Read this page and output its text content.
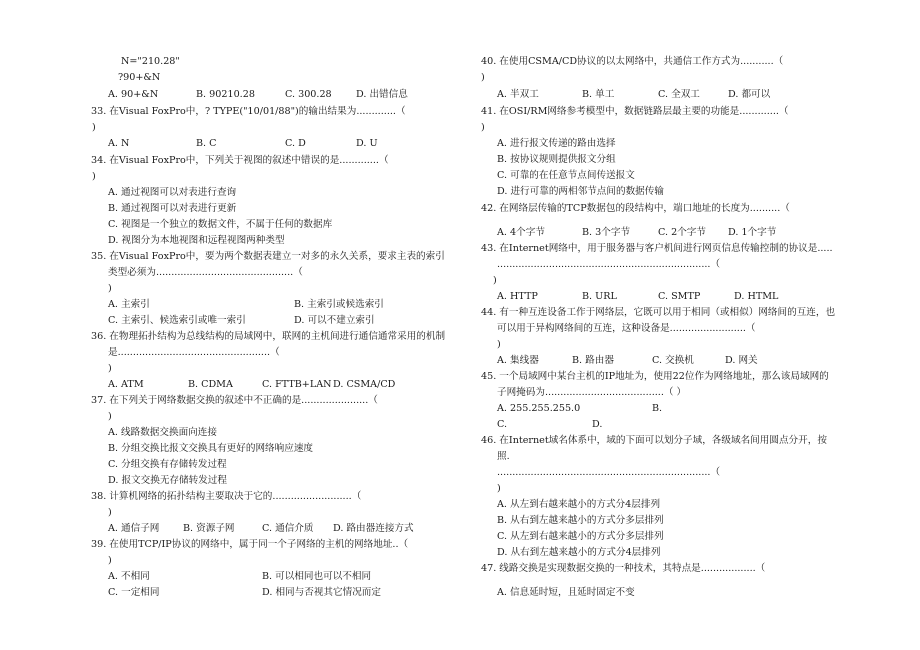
N="210.28"
?90+&N
A. 90+&N	B. 90210.28	C. 300.28	D. 出错信息
33. 在Visual FoxPro中，? TYPE("10/01/88")的输出结果为.............（
)
A. N	B. C	C. D	D. U
34. 在Visual FoxPro中，下列关于视图的叙述中错误的是.............（
)
A. 通过视图可以对表进行查询
B. 通过视图可以对表进行更新
C. 视图是一个独立的数据文件，不属于任何的数据库
D. 视图分为本地视图和远程视图两种类型
35. 在Visual FoxPro中，要为两个数据表建立一对多的永久关系，要求主表的索引
类型必须为.............................................（
)
A. 主索引	B. 主索引或候选索引
C. 主索引、候选索引或唯一索引	D. 可以不建立索引
36. 在物理拓扑结构为总线结构的局域网中，联网的主机间进行通信通常采用的机制
是..................................................（
)
A. ATM	B. CDMA	C. FTTB+LAN D. CSMA/CD
37. 在下列关于网络数据交换的叙述中不正确的是......................（
)
A. 线路数据交换面向连接
B. 分组交换比报文交换具有更好的网络响应速度
C. 分组交换有存储转发过程
D. 报文交换无存储转发过程
38. 计算机网络的拓扑结构主要取决于它的..........................（
)
A. 通信子网 B. 资源子网	C. 通信介质 D. 路由器连接方式
39. 在使用TCP/IP协议的网络中，属于同一个子网络的主机的网络地址..（
)
A. 不相同	B. 可以相同也可以不相同
C. 一定相同	D. 相同与否视其它情况而定
40. 在使用CSMA/CD协议的以太网络中，共通信工作方式为...........（
)
A. 半双工	B. 单工	C. 全双工	D. 都可以
41. 在OSI/RM网络参考模型中，数据链路层最主要的功能是.............（
)
A. 进行报文传递的路由选择
B. 按协议规则提供报文分组
C. 可靠的在任意节点间传送报文
D. 进行可靠的两相邻节点间的数据传输
42. 在网络层传输的TCP数据包的段结构中，端口地址的长度为..........（
A. 4个字节	B. 3个字节	C. 2个字节 D. 1个字节
43. 在Internet网络中，用于服务器与客户机间进行网页信息传输控制的协议是.....
......................................................................（
)
A. HTTP	B. URL	C. SMTP	D. HTML
44. 有一种互连设备工作于网络层，它既可以用于相同（或相似）网络间的互连，也
可以用于异构网络间的互连，这种设备是.........................（
)
A. 集线器	B. 路由器	C. 交换机	D. 网关
45. 一个局域网中某台主机的IP地址为，使用22位作为网络地址，那么该局域网的
子网掩码为.......................................（ ）
A. 255.255.255.0	B.
C.	D.
46. 在Internet域名体系中，域的下面可以划分子域，各级域名间用圆点分开，按
照.
......................................................................（
)
A. 从左到右越来越小的方式分4层排列
B. 从右到左越来越小的方式分多层排列
C. 从左到右越来越小的方式分多层排列
D. 从右到左越来越小的方式分4层排列
47. 线路交换是实现数据交换的一种技术，其特点是..................（
A. 信息延时短，且延时固定不变
